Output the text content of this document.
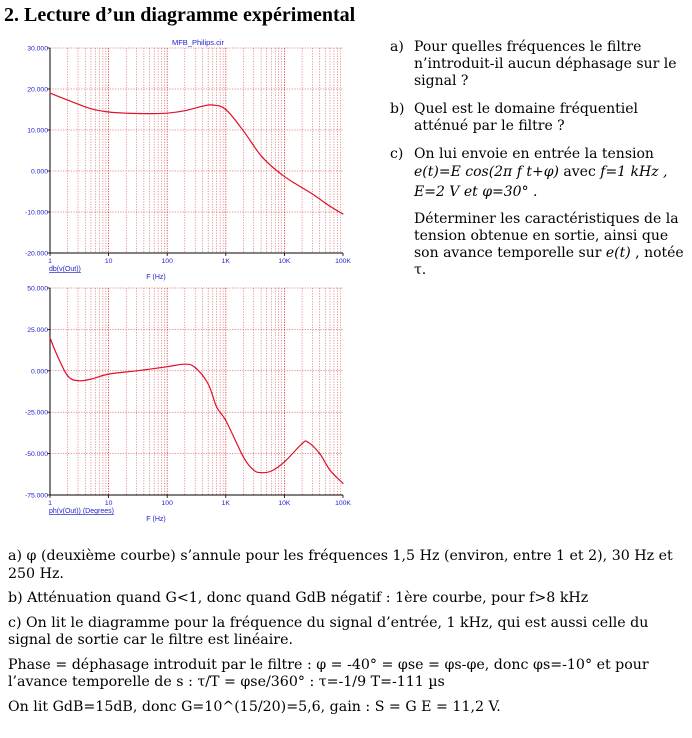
2. Lecture d’un diagramme expérimental
MFB_Philips.cir
30.000
20.000
10.000
0.000
-10.000
-20.000
1	10	100	1K	10K	100K
db(v(Out))
F (Hz)
50.000
25.000
0.000
-25.000
-50.000
-75.000
1	10	100	1K	10K	100K
ph(v(Out)) (Degrees)
F (Hz)
a) Pour quelles fréquences le filtre
n’introduit-il aucun déphasage sur le
signal ?
b) Quel est le domaine fréquentiel
atténué par le filtre ?
c) On lui envoie en entrée la tension
e(t)=E cos(2π f t+φ) avec f=1 kHz ,
E=2 V et φ=30° .
Déterminer les caractéristiques de la
tension obtenue en sortie, ainsi que
son avance temporelle sur e(t) , notée
τ.

a) φ (deuxième courbe) s’annule pour les fréquences 1,5 Hz (environ, entre 1 et 2), 30 Hz et 250 Hz.

b) Atténuation quand G<1, donc quand GdB négatif : 1ère courbe, pour f>8 kHz

c) On lit le diagramme pour la fréquence du signal d’entrée, 1 kHz, qui est aussi celle du signal de sortie car le filtre est linéaire.

Phase = déphasage introduit par le filtre : φ = -40° = φse = φs-φe, donc φs=-10° et pour l’avance temporelle de s : τ/T = φse/360° : τ=-1/9 T=-111 µs

On lit GdB=15dB, donc G=10^(15/20)=5,6, gain : S = G E = 11,2 V.
